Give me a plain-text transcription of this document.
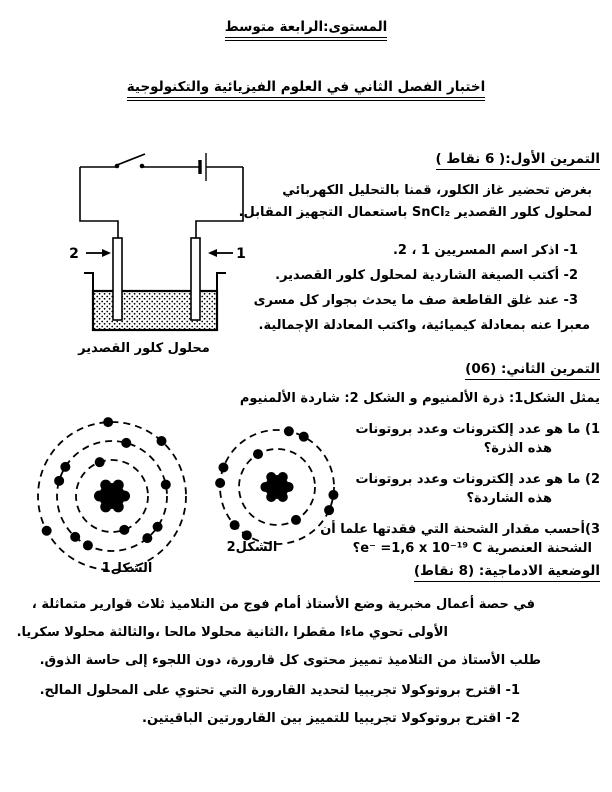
المستوى:الرابعة متوسط
اختبار الفصل الثاني في العلوم الفيزيائية والتكنولوجية
التمرين الأول:( 6 نقاط )
بغرض تحضير غاز الكلور، قمنا بالتحليل الكهربائي
لمحلول كلور القصدير SnCl₂ باستعمال التجهيز المقابل.
1- اذكر اسم المسريين 1 ، 2.
2- أكتب الصيغة الشاردية لمحلول كلور القصدير.
3- عند غلق القاطعة صف ما يحدث بجوار كل مسرى
معبرا عنه بمعادلة كيميائية، واكتب المعادلة الإجمالية.
2	1
محلول كلور القصدير
التمرين الثاني: (06)
يمثل الشكل1: ذرة الألمنيوم و الشكل 2: شاردة الألمنيوم
1) ما هو عدد إلكترونات وعدد بروتونات
هذه الذرة؟
2) ما هو عدد إلكترونات وعدد بروتونات
هذه الشاردة؟
3)أحسب مقدار الشحنة التي فقدتها علما أن
الشحنة العنصرية e⁻ =1,6 x 10⁻¹⁹ C؟
الشكل1
الشكل2
الوضعية الادماجية: (8 نقاط)
في حصة أعمال مخبرية وضع الأستاذ أمام فوج من التلاميذ ثلاث قوارير متماثلة ،
الأولى تحوي ماءا مقطرا ،الثانية محلولا مالحا ،والثالثة محلولا سكريا.
طلب الأستاذ من التلاميذ تمييز محتوى كل قارورة، دون اللجوء إلى حاسة الذوق.
1- اقترح بروتوكولا تجريبيا لتحديد القارورة التي تحتوي على المحلول المالح.
2- اقترح بروتوكولا تجريبيا للتمييز بين القارورتين الباقيتين.
